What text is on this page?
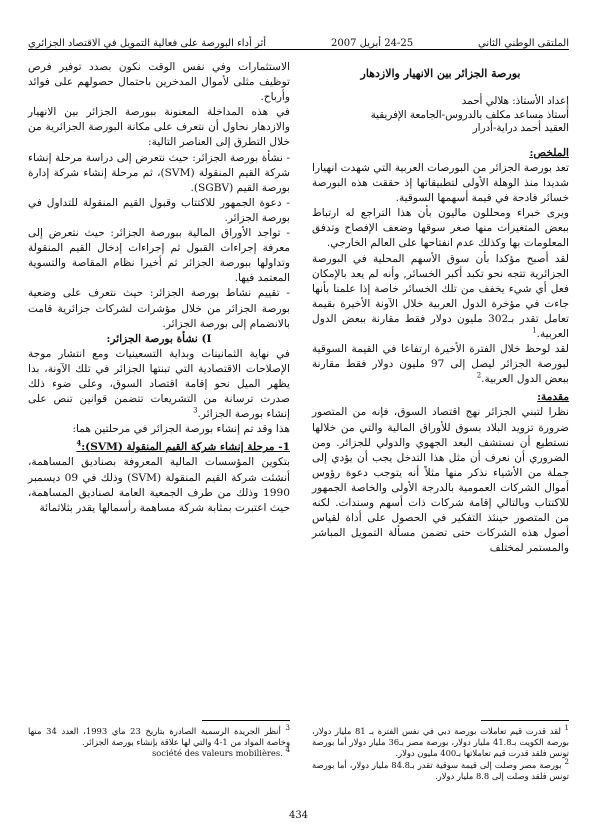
الملتقى الوطني الثاني
24-25 أبريل 2007
أثر أداء البورصة على فعالية التمويل في الاقتصاد الجزائري

بورصة الجزائر بين الانهيار والازدهار

إعداد الأستاذ: هلالي أحمد

أستاذ مساعد مكلف بالدروس-الجامعة الإفريقية

العقيد أحمد دراية-أدرار

الملخص:

تعد بورصة الجزائر من البورصات العربية التي شهدت انهيارا شديدا منذ الوهلة الأولى لتطبيقاتها إذ حققت هذه البورصة خسائر فادحة في قيمة أسهمها السوقية.

ويرى خبراء ومحللون ماليون بأن هذا التراجع له ارتباط ببعض المتغيرات منها صغر سوقها وضعف الإفصاح وتدفق المعلومات بها وكذلك عدم انفتاحها على العالم الخارجي.

لقد أصبح مؤكدا بأن سوق الأسهم المحلية في البورصة الجزائرية تتجه نحو تكبد أكبر الخسائر, وأنه لم يعد بالإمكان فعل أي شيء يخفف من تلك الخسائر خاصة إذا علمنا بأنها جاءت في مؤخرة الدول العربية خلال الآونة الأخيرة بقيمة تعامل تقدر بـ302 مليون دولار فقط مقارنة ببعض الدول العربية.$^1$

لقد لوحظ خلال الفترة الأخيرة ارتفاعا في القيمة السوقية لبورصة الجزائر ليصل إلى 97 مليون دولار فقط مقارنة ببعض الدول العربية.$^2$

مقدمة:

نظرا لتبني الجزائر نهج اقتصاد السوق، فإنه من المتصور ضرورة تزويد البلاد بسوق للأوراق المالية والتي من خلالها نستطيع أن نستشف البعد الجهوي والدولي للجزائر. ومن الضروري أن نعرف أن مثل هذا التدخل يجب أن يؤدي إلى جملة من الأشياء نذكر منها مثلاً أنه يتوجب دعوة رؤوس أموال الشركات العمومية بالدرجة الأولى والخاصة الجمهور للاكتتاب وبالتالي إقامة شركات ذات أسهم وسندات. لكنه من المتصور حينئذ التفكير في الحصول على أداة لقياس أصول هذه الشركات حتى تضمن مسألة التمويل المباشر والمستمر لمختلف

الاستثمارات وفي نفس الوقت نكون بصدد توفير فرص توظيف مثلى لأموال المدخرين باحتمال حصولهم على فوائد وأرباح.

في هذه المداخلة المعنونة ببورصة الجزائر بين الانهيار والازدهار نحاول أن نتعرف على مكانة البورصة الجزائرية من خلال التطرق إلى العناصر التالية:

- نشأة بورصة الجزائر: حيث نتعرض إلى دراسة مرحلة إنشاء شركة القيم المنقولة (SVM)، ثم مرحلة إنشاء شركة إدارة بورصة القيم (SGBV).

- دعوة الجمهور للاكتتاب وقبول القيم المنقولة للتداول في بورصة الجزائر.

- تواجد الأوراق المالية ببورصة الجزائر: حيث نتعرض إلى معرفة إجراءات القبول ثم إجراءات إدخال القيم المنقولة وتداولها ببورصة الجزائر ثم أخيرا نظام المقاصة والتسوية المعتمد فيها.

- تقييم نشاط بورصة الجزائر: حيث نتعرف على وضعية بورصة الجزائر من خلال مؤشرات لشركات جزائرية قامت بالانضمام إلى بورصة الجزائر.

I) نشأة بورصة الجزائر:

في نهاية الثمانينات وبداية التسعينيات ومع انتشار موجة الإصلاحات الاقتصادية التي تبنتها الجزائر في تلك الآونة، بدا يظهر الميل نحو إقامة اقتصاد السوق، وعلى ضوء ذلك صدرت ترسانة من التشريعات تتضمن قوانين تنص على إنشاء بورصة الجزائر.$^3$

هذا وقد تم إنشاء بورصة الجزائر في مرحلتين هما:

1- مرحلة إنشاء شركة القيم المنقولة (SVM):$^4$

بتكوين المؤسسات المالية المعروفة بصناديق المساهمة، أنشئت شركة القيم المنقولة (SVM) وذلك في 09 ديسمبر 1990 وذلك من طرف الجمعية العامة لصناديق المساهمة، حيث اعتبرت بمثابة شركة مساهمة رأسمالها يقدر بثلاثمائة

$^1$ لقد قدرت قيم تعاملات بورصة دبي في نفس الفترة بـ 81 مليار دولار، بورصة الكويت بـ41.8 مليار دولار، بورصة مصر بـ36 مليار دولار أما بورصة تونس فلقد قدرت قيم تعاملاتها بـ400 مليون دولار.

$^2$ بورصة مصر وصلت إلى قيمة سوقية تقدر بـ84.8 مليار دولار، أما بورصة تونس فلقد وصلت إلى 8.8 مليار دولار.

$^3$ أنظر الجريدة الرسمية الصادرة بتاريخ 23 ماي 1993، العدد 34 منها وخاصة المواد من 1-4 والتي لها علاقة بإنشاء بورصة الجزائر.

société des valeurs mobilières. $^4$

434
